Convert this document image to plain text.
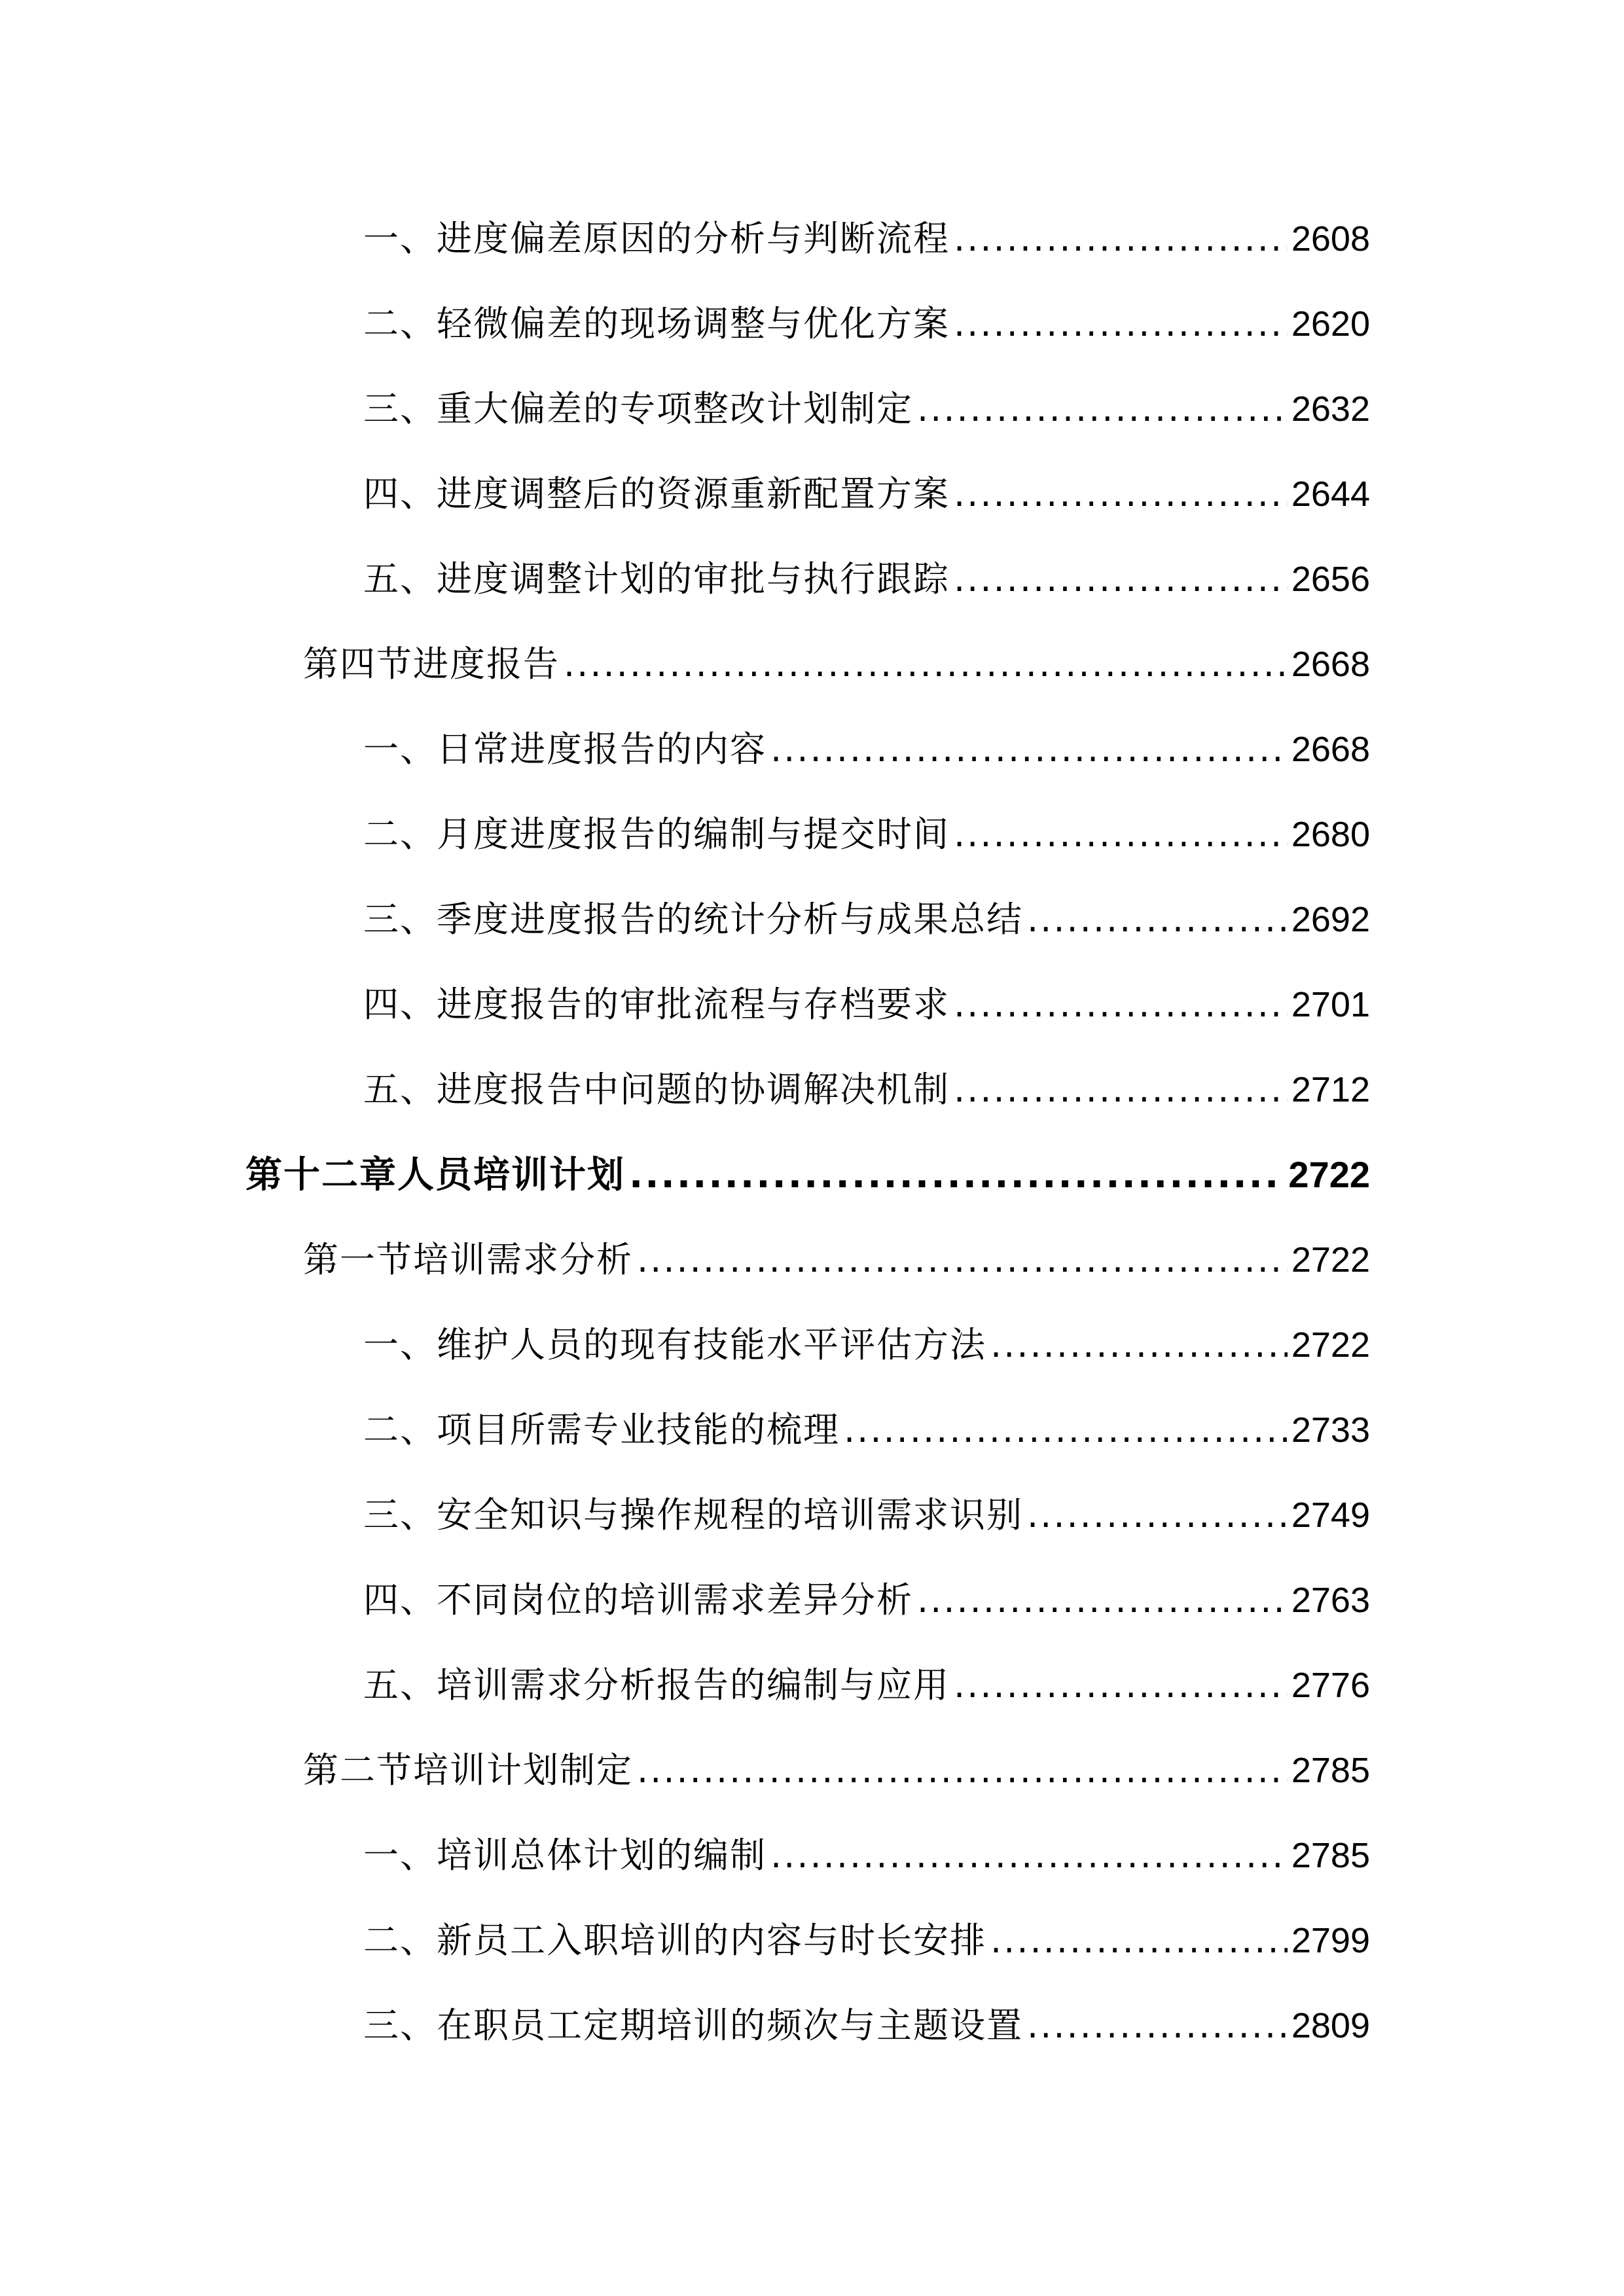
一、进度偏差原因的分析与判断流程 .....	2608
二、轻微偏差的现场调整与优化方案 .....	2620
三、重大偏差的专项整改计划制定 .....	2632
四、进度调整后的资源重新配置方案 .....	2644
五、进度调整计划的审批与执行跟踪 .....	2656
第四节进度报告 .....	2668
一、日常进度报告的内容 .....	2668
二、月度进度报告的编制与提交时间 .....	2680
三、季度进度报告的统计分析与成果总结 .....	2692
四、进度报告的审批流程与存档要求 .....	2701
五、进度报告中问题的协调解决机制 .....	2712
第十二章人员培训计划 .....	2722
第一节培训需求分析 .....	2722
一、维护人员的现有技能水平评估方法 .....	2722
二、项目所需专业技能的梳理 .....	2733
三、安全知识与操作规程的培训需求识别 .....	2749
四、不同岗位的培训需求差异分析 .....	2763
五、培训需求分析报告的编制与应用 .....	2776
第二节培训计划制定 .....	2785
一、培训总体计划的编制 .....	2785
二、新员工入职培训的内容与时长安排 .....	2799
三、在职员工定期培训的频次与主题设置 .....	2809
